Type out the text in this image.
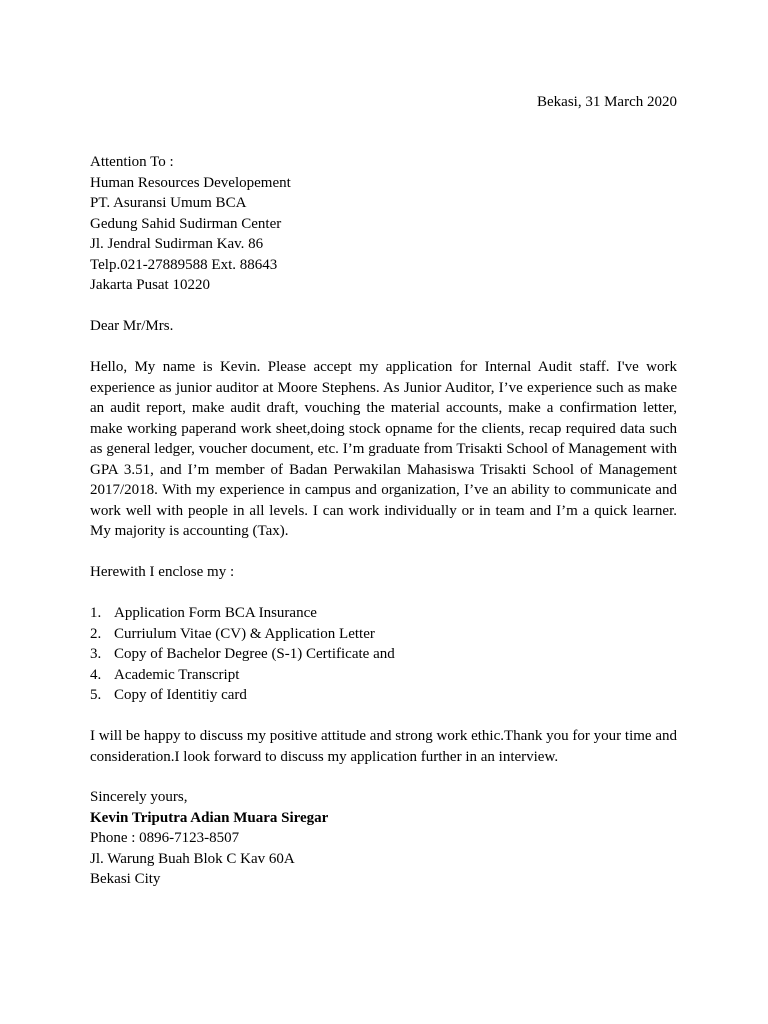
Bekasi, 31 March 2020
Attention To :
Human Resources Developement
PT. Asuransi Umum BCA
Gedung Sahid Sudirman Center
Jl. Jendral Sudirman Kav. 86
Telp.021-27889588 Ext. 88643
Jakarta Pusat 10220
Dear Mr/Mrs.
Hello, My name is Kevin. Please accept my application for Internal Audit staff. I've work experience as junior auditor at Moore Stephens. As Junior Auditor, I’ve experience such as make an audit report, make audit draft, vouching the material accounts, make a confirmation letter, make working paperand work sheet,doing stock opname for the clients, recap required data such as general ledger, voucher document, etc. I’m graduate from Trisakti School of Management with GPA 3.51, and I’m member of Badan Perwakilan Mahasiswa Trisakti School of Management 2017/2018. With my experience in campus and organization, I’ve an ability to communicate and work well with people in all levels. I can work individually or in team and I’m a quick learner. My majority is accounting (Tax).
Herewith I enclose my :
1. Application Form BCA Insurance
2. Curriulum Vitae (CV) & Application Letter
3. Copy of Bachelor Degree (S-1) Certificate and
4. Academic Transcript
5. Copy of Identitiy card
I will be happy to discuss my positive attitude and strong work ethic.Thank you for your time and consideration.I look forward to discuss my application further in an interview.
Sincerely yours,
Kevin Triputra Adian Muara Siregar
Phone : 0896-7123-8507
Jl. Warung Buah Blok C Kav 60A
Bekasi City
